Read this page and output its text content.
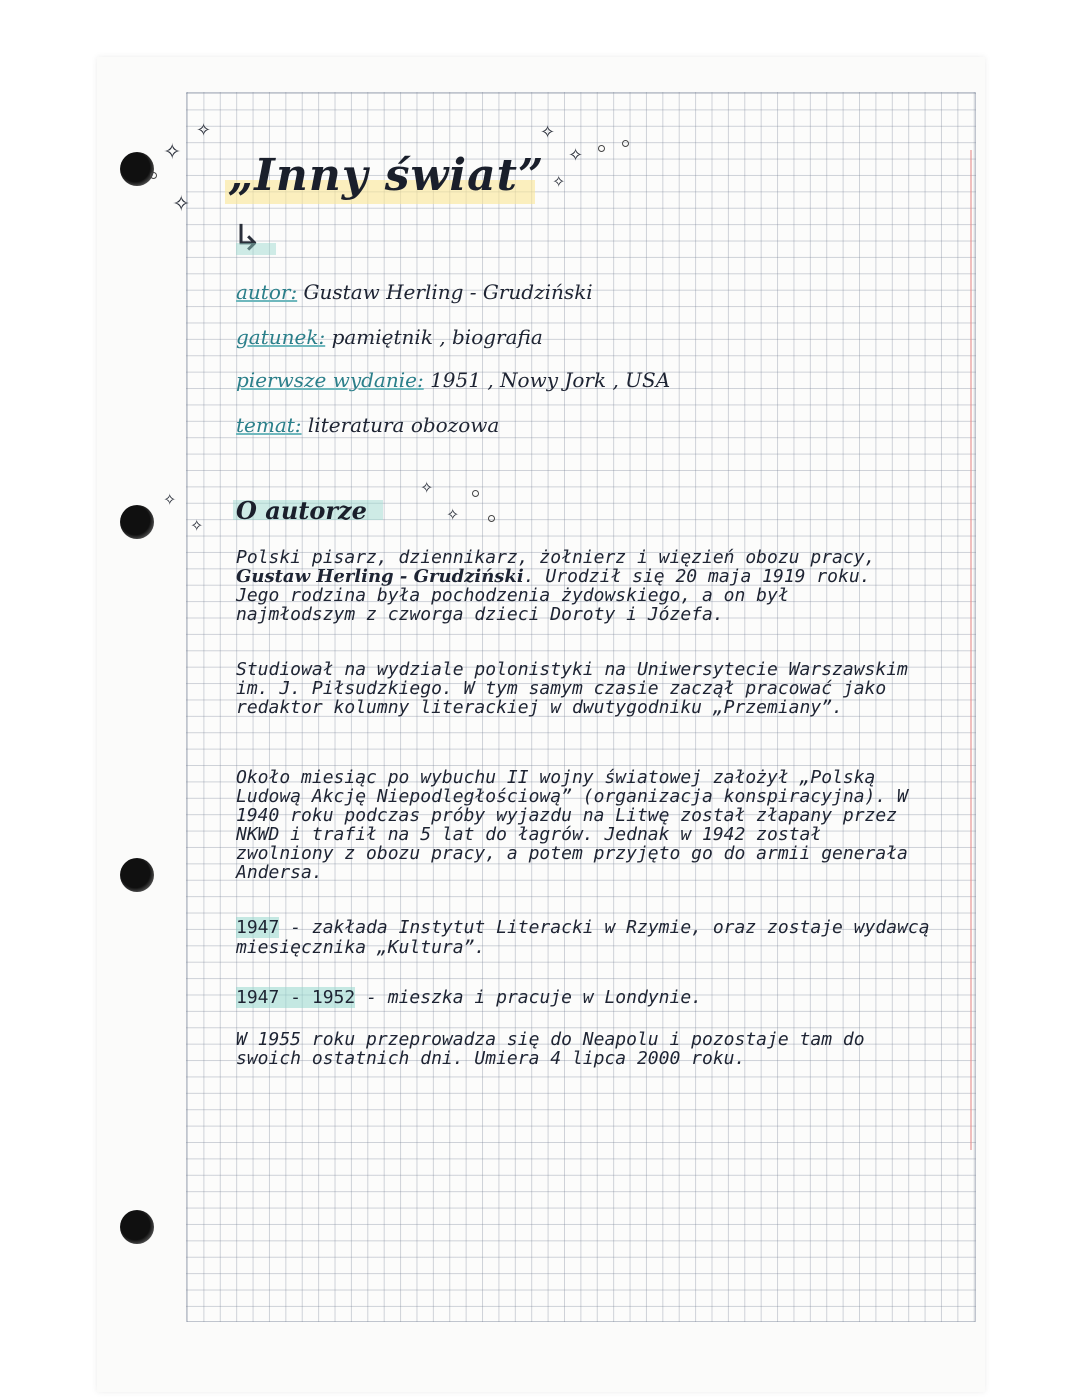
✧
✧
✧
✧
✧
✧
„Inny świat”
↳
autor: Gustaw Herling - Grudziński
gatunek: pamiętnik , biografia
pierwsze wydanie: 1951 , Nowy Jork , USA
temat: literatura obozowa
✧
✧
✧
✧
O autorze
Polski pisarz, dziennikarz, żołnierz i więzień obozu pracy, Gustaw Herling - Grudziński. Urodził się 20 maja 1919 roku. Jego rodzina była pochodzenia żydowskiego, a on był najmłodszym z czworga dzieci Doroty i Józefa.
Studiował na wydziale polonistyki na Uniwersytecie Warszawskim im. J. Piłsudzkiego. W tym samym czasie zaczął pracować jako redaktor kolumny literackiej w dwutygodniku „Przemiany”.
Około miesiąc po wybuchu II wojny światowej założył „Polską Ludową Akcję Niepodległościową” (organizacja konspiracyjna). W 1940 roku podczas próby wyjazdu na Litwę został złapany przez NKWD i trafił na 5 lat do łagrów. Jednak w 1942 został zwolniony z obozu pracy, a potem przyjęto go do armii generała Andersa.
1947 - zakłada Instytut Literacki w Rzymie, oraz zostaje wydawcą miesięcznika „Kultura”.
1947 - 1952 - mieszka i pracuje w Londynie.
W 1955 roku przeprowadza się do Neapolu i pozostaje tam do swoich ostatnich dni. Umiera 4 lipca 2000 roku.
